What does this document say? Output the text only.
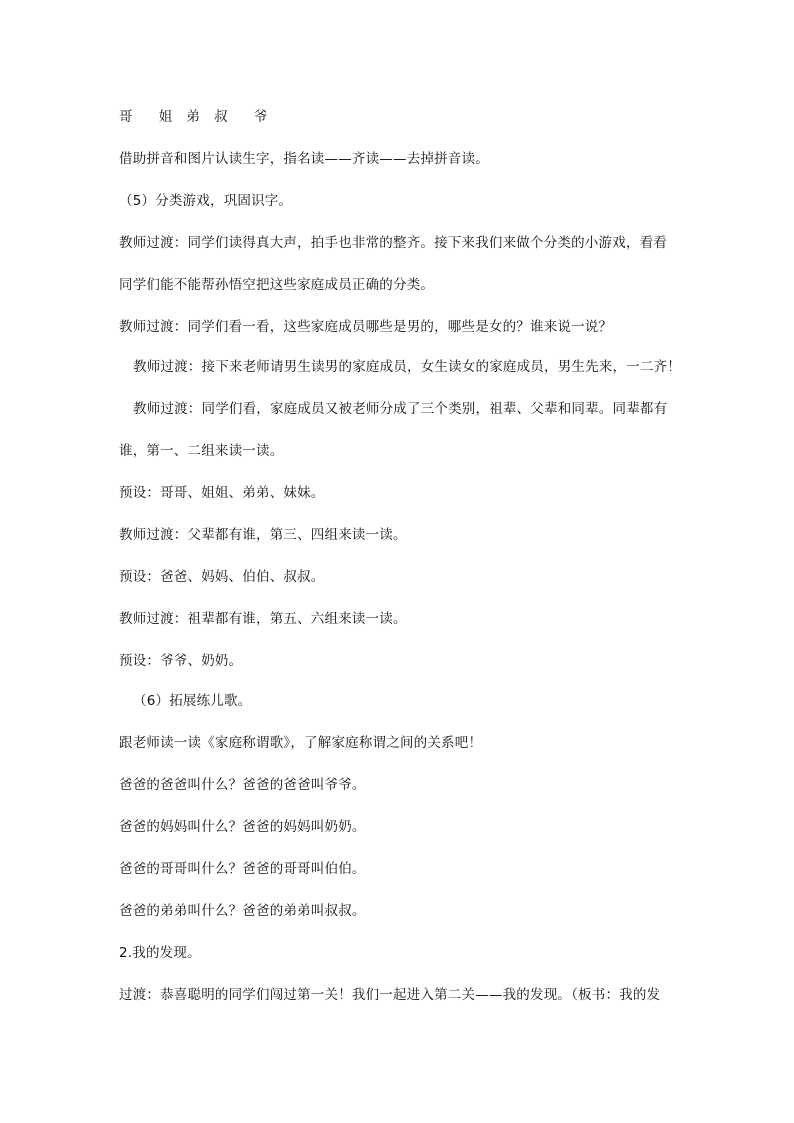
哥 姐 弟 叔 爷
借助拼音和图片认读生字，指名读——齐读——去掉拼音读。
（5）分类游戏，巩固识字。
教师过渡：同学们读得真大声，拍手也非常的整齐。接下来我们来做个分类的小游戏，看看
同学们能不能帮孙悟空把这些家庭成员正确的分类。
教师过渡：同学们看一看，这些家庭成员哪些是男的，哪些是女的？谁来说一说？
教师过渡：接下来老师请男生读男的家庭成员，女生读女的家庭成员，男生先来，一二齐！
教师过渡：同学们看，家庭成员又被老师分成了三个类别，祖辈、父辈和同辈。同辈都有
谁，第一、二组来读一读。
预设：哥哥、姐姐、弟弟、妹妹。
教师过渡：父辈都有谁，第三、四组来读一读。
预设：爸爸、妈妈、伯伯、叔叔。
教师过渡：祖辈都有谁，第五、六组来读一读。
预设：爷爷、奶奶。
（6）拓展练儿歌。
跟老师读一读《家庭称谓歌》，了解家庭称谓之间的关系吧！
爸爸的爸爸叫什么？爸爸的爸爸叫爷爷。
爸爸的妈妈叫什么？爸爸的妈妈叫奶奶。
爸爸的哥哥叫什么？爸爸的哥哥叫伯伯。
爸爸的弟弟叫什么？爸爸的弟弟叫叔叔。
2.我的发现。
过渡：恭喜聪明的同学们闯过第一关！我们一起进入第二关——我的发现。（板书：我的发
